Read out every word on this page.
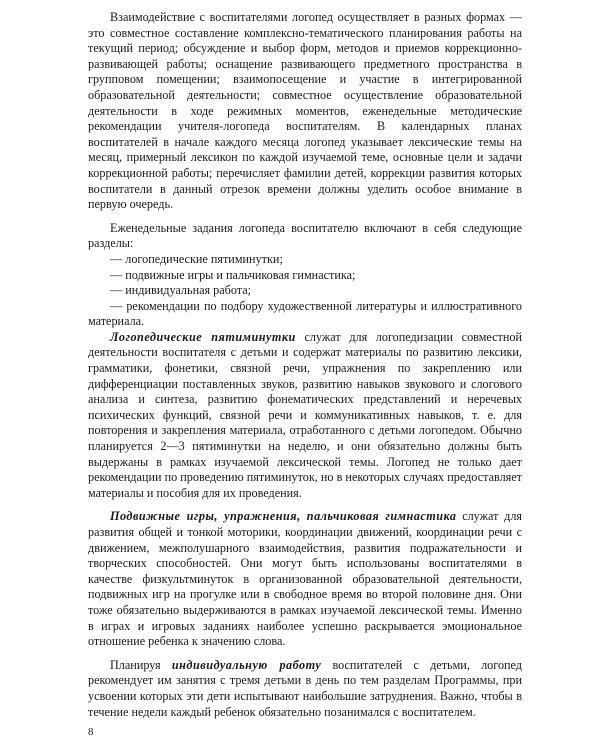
Взаимодействие с воспитателями логопед осуществляет в разных формах — это совместное составление комплексно-тематического планирования работы на текущий период; обсуждение и выбор форм, методов и приемов коррекционно-развивающей работы; оснащение развивающего предметного пространства в групповом помещении; взаимопосещение и участие в интегрированной образовательной деятельности; совместное осуществление образовательной деятельности в ходе режимных моментов, еженедельные методические рекомендации учителя-логопеда воспитателям. В календарных планах воспитателей в начале каждого месяца логопед указывает лексические темы на месяц, примерный лексикон по каждой изучаемой теме, основные цели и задачи коррекционной работы; перечисляет фамилии детей, коррекции развития которых воспитатели в данный отрезок времени должны уделить особое внимание в первую очередь.

Еженедельные задания логопеда воспитателю включают в себя следующие разделы:

— логопедические пятиминутки;
— подвижные игры и пальчиковая гимнастика;
— индивидуальная работа;
— рекомендации по подбору художественной литературы и иллюстративного материала.

Логопедические пятиминутки служат для логопедизации совместной деятельности воспитателя с детьми и содержат материалы по развитию лексики, грамматики, фонетики, связной речи, упражнения по закреплению или дифференциации поставленных звуков, развитию навыков звукового и слогового анализа и синтеза, развитию фонематических представлений и неречевых психических функций, связной речи и коммуникативных навыков, т. е. для повторения и закрепления материала, отработанного с детьми логопедом. Обычно планируется 2—3 пятиминутки на неделю, и они обязательно должны быть выдержаны в рамках изучаемой лексической темы. Логопед не только дает рекомендации по проведению пятиминуток, но в некоторых случаях предоставляет материалы и пособия для их проведения.

Подвижные игры, упражнения, пальчиковая гимнастика служат для развития общей и тонкой моторики, координации движений, координации речи с движением, межполушарного взаимодействия, развития подражательности и творческих способностей. Они могут быть использованы воспитателями в качестве физкультминуток в организованной образовательной деятельности, подвижных игр на прогулке или в свободное время во второй половине дня. Они тоже обязательно выдерживаются в рамках изучаемой лексической темы. Именно в играх и игровых заданиях наиболее успешно раскрывается эмоциональное отношение ребенка к значению слова.

Планируя индивидуальную работу воспитателей с детьми, логопед рекомендует им занятия с тремя детьми в день по тем разделам Программы, при усвоении которых эти дети испытывают наибольшие затруднения. Важно, чтобы в течение недели каждый ребенок обязательно позанимался с воспитателем.

8
